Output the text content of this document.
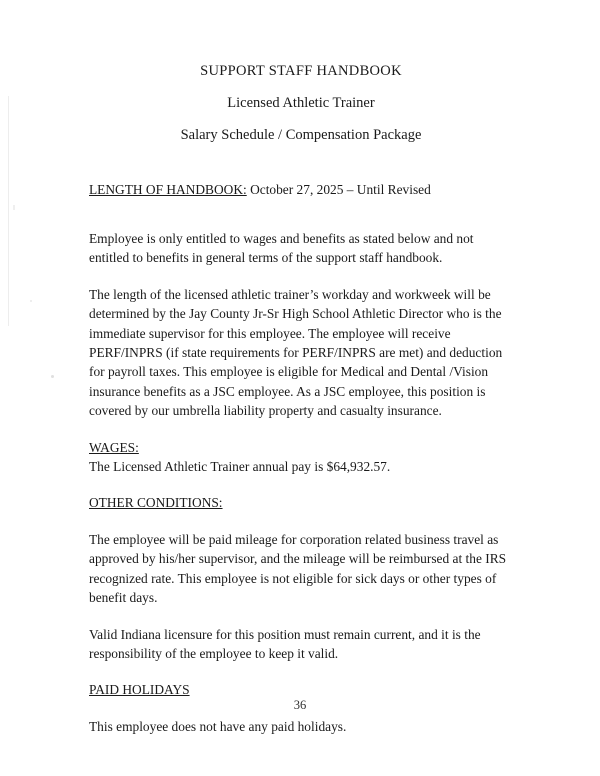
SUPPORT STAFF HANDBOOK
Licensed Athletic Trainer
Salary Schedule / Compensation Package
LENGTH OF HANDBOOK: October 27, 2025 – Until Revised

Employee is only entitled to wages and benefits as stated below and not entitled to benefits in general terms of the support staff handbook.

The length of the licensed athletic trainer’s workday and workweek will be determined by the Jay County Jr-Sr High School Athletic Director who is the immediate supervisor for this employee. The employee will receive PERF/INPRS (if state requirements for PERF/INPRS are met) and deduction for payroll taxes. This employee is eligible for Medical and Dental /Vision insurance benefits as a JSC employee. As a JSC employee, this position is covered by our umbrella liability property and casualty insurance.

WAGES:

The Licensed Athletic Trainer annual pay is $64,932.57.

OTHER CONDITIONS:

The employee will be paid mileage for corporation related business travel as approved by his/her supervisor, and the mileage will be reimbursed at the IRS recognized rate. This employee is not eligible for sick days or other types of benefit days.

Valid Indiana licensure for this position must remain current, and it is the responsibility of the employee to keep it valid.

PAID HOLIDAYS

This employee does not have any paid holidays.

36
